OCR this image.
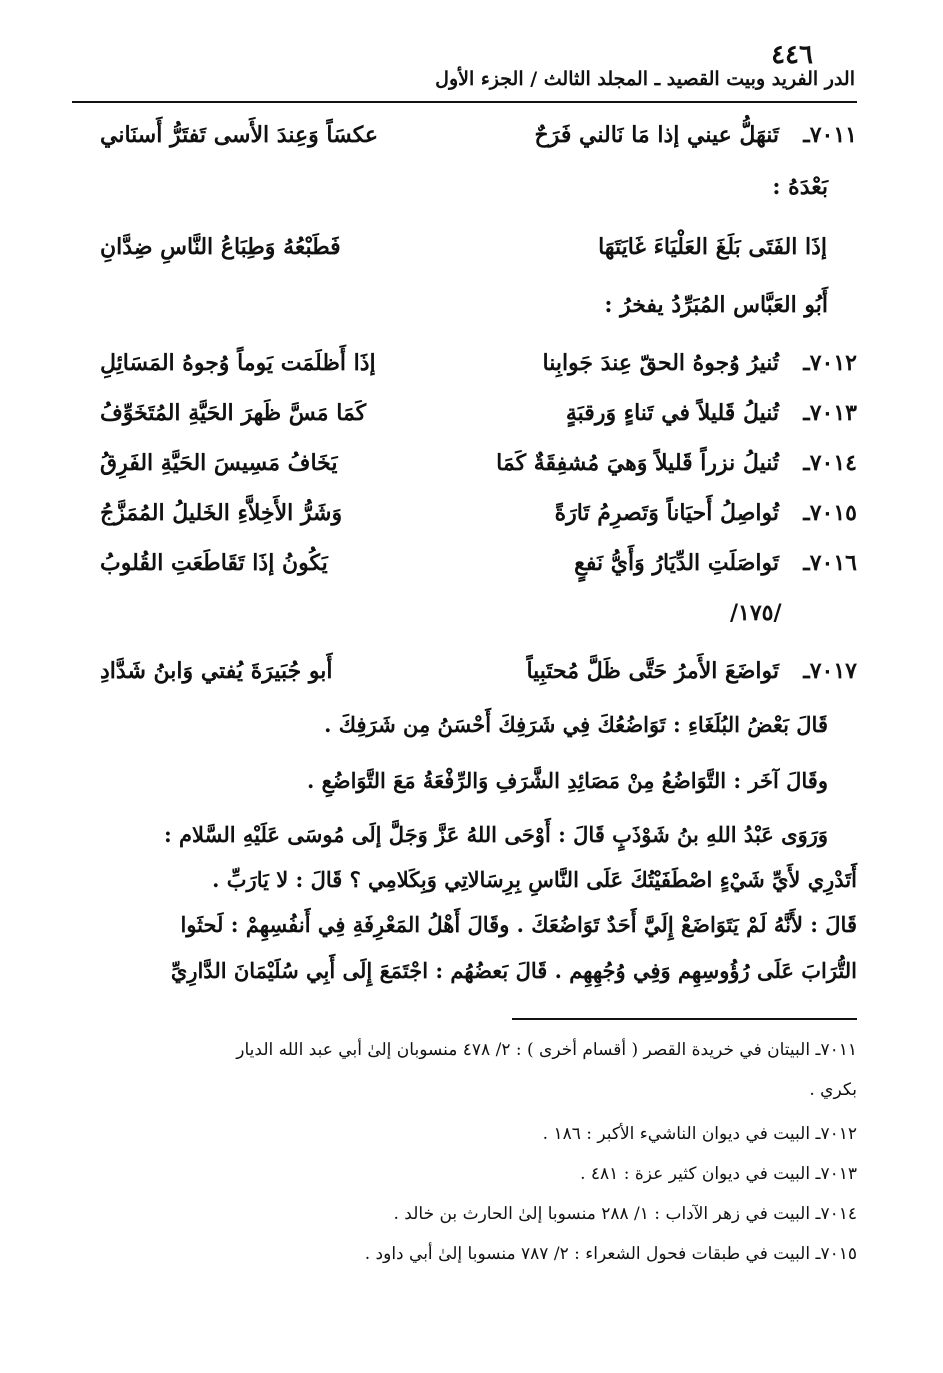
٤٤٦
الدر الفريد وبيت القصيد ـ المجلد الثالث / الجزء الأول
٧٠١١ـ
تَنهَلُّ عيني إذا مَا نَالني فَرَحٌ
عكسَاً وَعِندَ الأَسى تَفتَرُّ أَسنَاني
بَعْدَهُ :
إذَا الفَتَى بَلَغَ العَلْيَاءَ غَايَتَهَا
فَطَبْعُهُ وَطِبَاعُ النَّاسِ ضِدَّانِ
أَبُو العَبَّاس المُبَرِّدُ يفخرُ :
٧٠١٢ـ
تُنيرُ وُجوهُ الحقّ عِندَ جَوابِنا
إذَا أَظلَمَت يَوماً وُجوهُ المَسَائِلِ
٧٠١٣ـ
تُنيلُ قَليلاً في تَناءٍ وَرقبَةٍ
كَمَا مَسَّ ظَهرَ الحَيَّةِ المُتَخَوِّفُ
٧٠١٤ـ
تُنيلُ نزراً قَليلاً وَهيَ مُشفِقَةٌ كَمَا
يَخَافُ مَسِيسَ الحَيَّةِ الفَرِقُ
٧٠١٥ـ
تُواصِلُ أَحيَاناً وَتَصرِمُ تَارَةً
وَشَرُّ الأَخِلاَّءِ الخَليلُ المُمَزَّجُ
٧٠١٦ـ
تَواصَلَتِ الدِّيَارُ وَأَيُّ نَفعٍ
يَكُونُ إذَا تَقَاطَعَتِ القُلوبُ
/١٧٥/
٧٠١٧ـ
تَواضَعَ الأَمرُ حَتَّى ظَلَّ مُحتَبِياً
أَبو جُبَيرَةَ يُفتي وَابنُ شَدَّادِ
قَالَ بَعْضُ البُلَغَاءِ : تَوَاضُعُكَ فِي شَرَفِكَ أَحْسَنُ مِن شَرَفِكَ .
وقَالَ آخَر : التَّوَاضُعُ مِنْ مَصَائِدِ الشَّرَفِ وَالرِّفْعَةُ مَعَ التَّوَاضُعِ .
وَرَوَى عَبْدُ اللهِ بنُ شَوْذَبٍ قَالَ : أَوْحَى اللهُ عَزَّ وَجَلَّ إلَى مُوسَى عَلَيْهِ السَّلام :
أَتَدْرِي لأَيِّ شَيْءٍ اصْطَفَيْتُكَ عَلَى النَّاسِ بِرِسَالاتِي وَبِكَلامِي ؟ قَالَ : لا يَارَبِّ .
قَالَ : لأَنَّهُ لَمْ يَتَوَاضَعْ إِلَيَّ أَحَدٌ تَوَاضُعَكَ . وقَالَ أَهْلُ المَعْرِفَةِ فِي أَنفُسِهِمْ : لَحثَوا
التُّرَابَ عَلَى رُؤُوسِهِم وَفِي وُجُهِهِم . قَالَ بَعضُهُم : اجْتَمَعَ إِلَى أَبِي سُلَيْمَانَ الدَّارِيِّ
٧٠١١ـ البيتان في خريدة القصر ( أقسام أخرى ) : ٢/ ٤٧٨ منسوبان إلىٰ أبي عبد الله الديار
بكري .
٧٠١٢ـ البيت في ديوان الناشيء الأكبر : ١٨٦ .
٧٠١٣ـ البيت في ديوان كثير عزة : ٤٨١ .
٧٠١٤ـ البيت في زهر الآداب : ١/ ٢٨٨ منسوبا إلىٰ الحارث بن خالد .
٧٠١٥ـ البيت في طبقات فحول الشعراء : ٢/ ٧٨٧ منسوبا إلىٰ أبي داود .
